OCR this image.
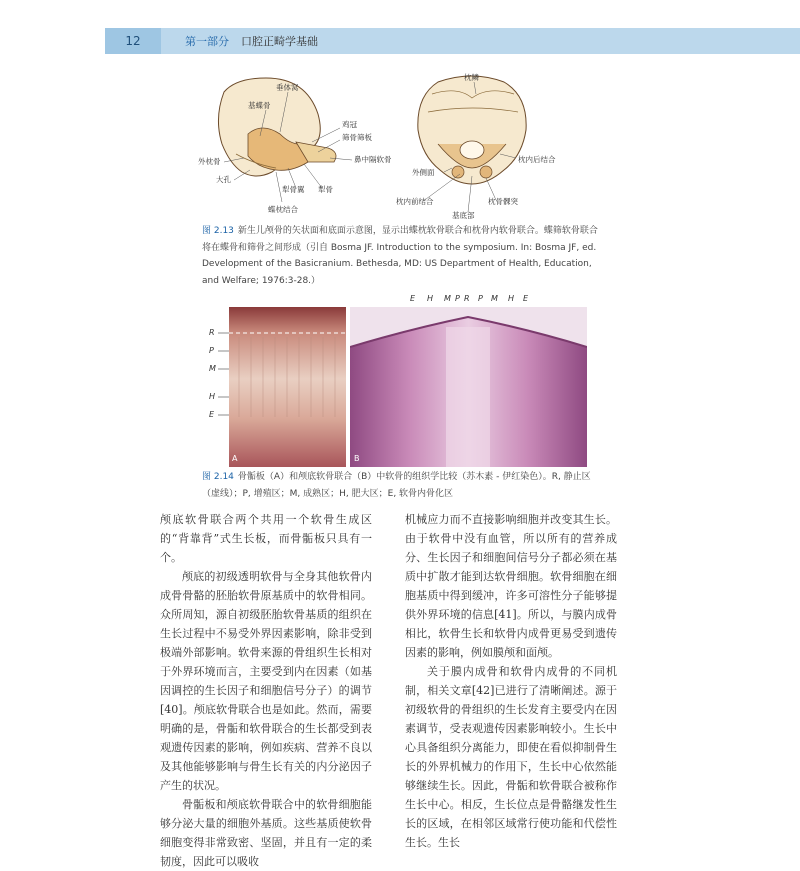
12	第一部分 口腔正畸学基础
垂体窝
基蝶骨
鸡冠
筛骨筛板
外枕骨	鼻中隔软骨
大孔
犁骨翼 犁骨
蝶枕结合
枕鳞
枕内后结合
外侧面
枕内前结合
基底部
枕骨髁突
图 2.13 新生儿颅骨的矢状面和底面示意图，显示出蝶枕软骨联合和枕骨内软骨联合。蝶筛软骨联合将在蝶骨和筛骨之间形成（引自 Bosma JF. Introduction to the symposium. In: Bosma JF, ed. Development of the Basicranium. Bethesda, MD: US Department of Health, Education, and Welfare; 1976:3-28.）
E H M P R P M H E
R
P
M
H
E
A	B
图 2.14 骨骺板（A）和颅底软骨联合（B）中软骨的组织学比较（苏木素 - 伊红染色）。R, 静止区（虚线）；P, 增殖区；M, 成熟区；H, 肥大区；E, 软骨内骨化区

颅底软骨联合两个共用一个软骨生成区的“背靠背”式生长板，而骨骺板只具有一个。

颅底的初级透明软骨与全身其他软骨内成骨骨骼的胚胎软骨原基质中的软骨相同。众所周知，源自初级胚胎软骨基质的组织在生长过程中不易受外界因素影响，除非受到极端外部影响。软骨来源的骨组织生长相对于外界环境而言，主要受到内在因素（如基因调控的生长因子和细胞信号分子）的调节[40]。颅底软骨联合也是如此。然而，需要明确的是，骨骺和软骨联合的生长都受到表观遗传因素的影响，例如疾病、营养不良以及其他能够影响与骨生长有关的内分泌因子产生的状况。

骨骺板和颅底软骨联合中的软骨细胞能够分泌大量的细胞外基质。这些基质使软骨细胞变得非常致密、坚固，并且有一定的柔韧度，因此可以吸收

机械应力而不直接影响细胞并改变其生长。由于软骨中没有血管，所以所有的营养成分、生长因子和细胞间信号分子都必须在基质中扩散才能到达软骨细胞。软骨细胞在细胞基质中得到缓冲，许多可溶性分子能够提供外界环境的信息[41]。所以，与膜内成骨相比，软骨生长和软骨内成骨更易受到遗传因素的影响，例如膜颅和面颅。

关于膜内成骨和软骨内成骨的不同机制，相关文章[42]已进行了清晰阐述。源于初级软骨的骨组织的生长发育主要受内在因素调节，受表观遗传因素影响较小。生长中心具备组织分离能力，即使在看似抑制骨生长的外界机械力的作用下，生长中心依然能够继续生长。因此，骨骺和软骨联合被称作生长中心。相反，生长位点是骨骼继发性生长的区域，在相邻区域常行使功能和代偿性生长。生长
